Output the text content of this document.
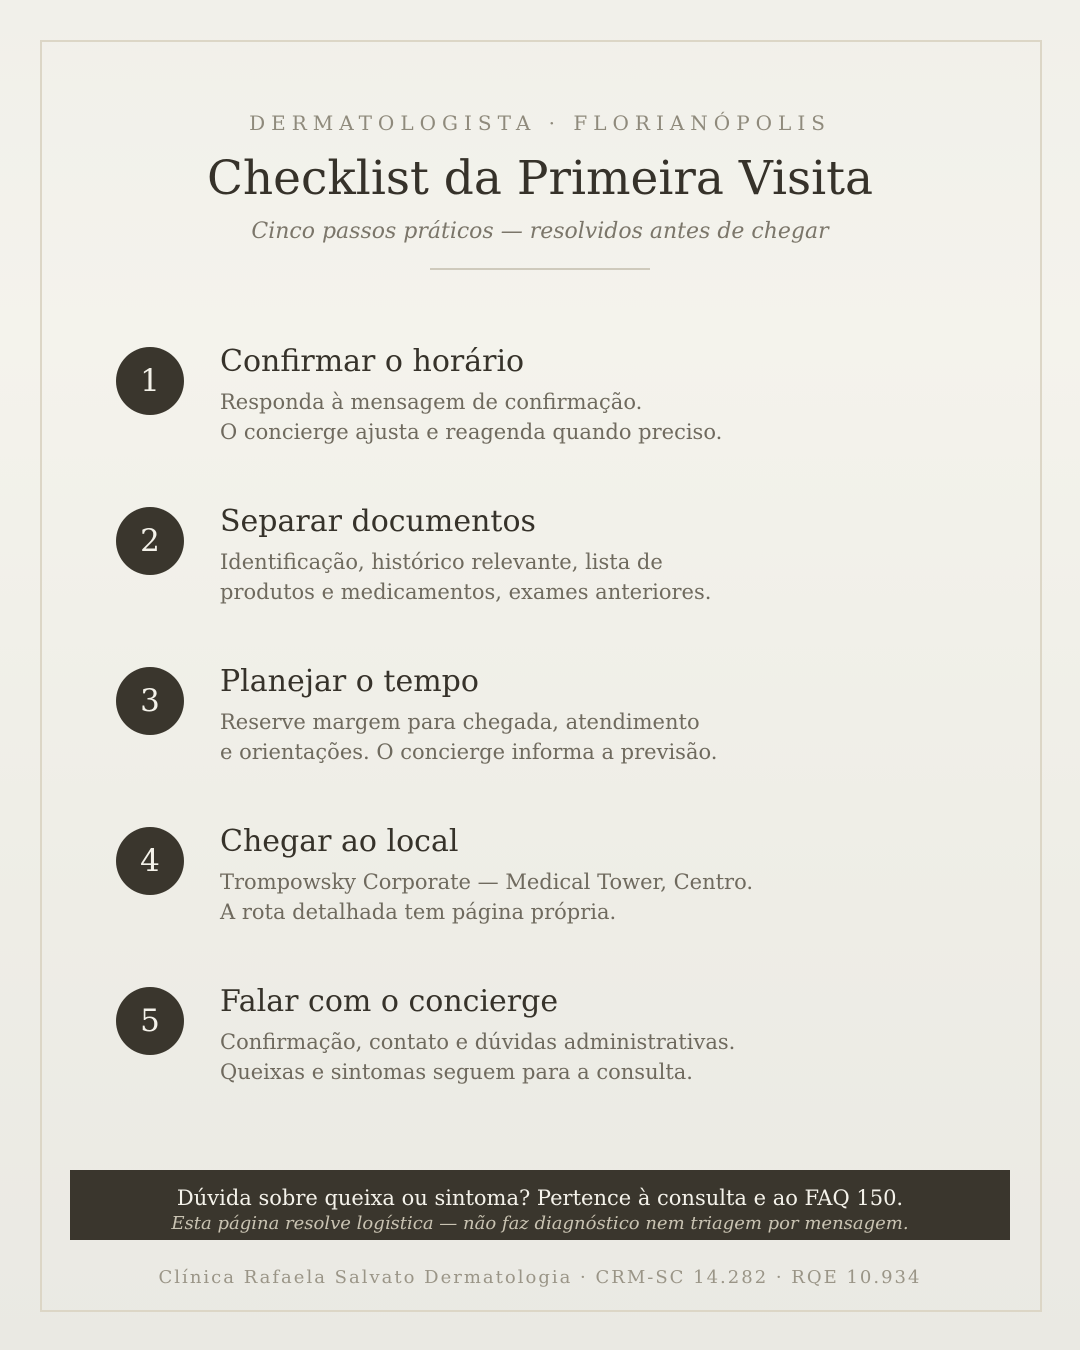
DERMATOLOGISTA · FLORIANÓPOLIS
Checklist da Primeira Visita
Cinco passos práticos — resolvidos antes de chegar
1
Confirmar o horário
Responda à mensagem de confirmação.
O concierge ajusta e reagenda quando preciso.
2
Separar documentos
Identificação, histórico relevante, lista de
produtos e medicamentos, exames anteriores.
3
Planejar o tempo
Reserve margem para chegada, atendimento
e orientações. O concierge informa a previsão.
4
Chegar ao local
Trompowsky Corporate — Medical Tower, Centro.
A rota detalhada tem página própria.
5
Falar com o concierge
Confirmação, contato e dúvidas administrativas.
Queixas e sintomas seguem para a consulta.
Dúvida sobre queixa ou sintoma? Pertence à consulta e ao FAQ 150.
Esta página resolve logística — não faz diagnóstico nem triagem por mensagem.
Clínica Rafaela Salvato Dermatologia · CRM-SC 14.282 · RQE 10.934
